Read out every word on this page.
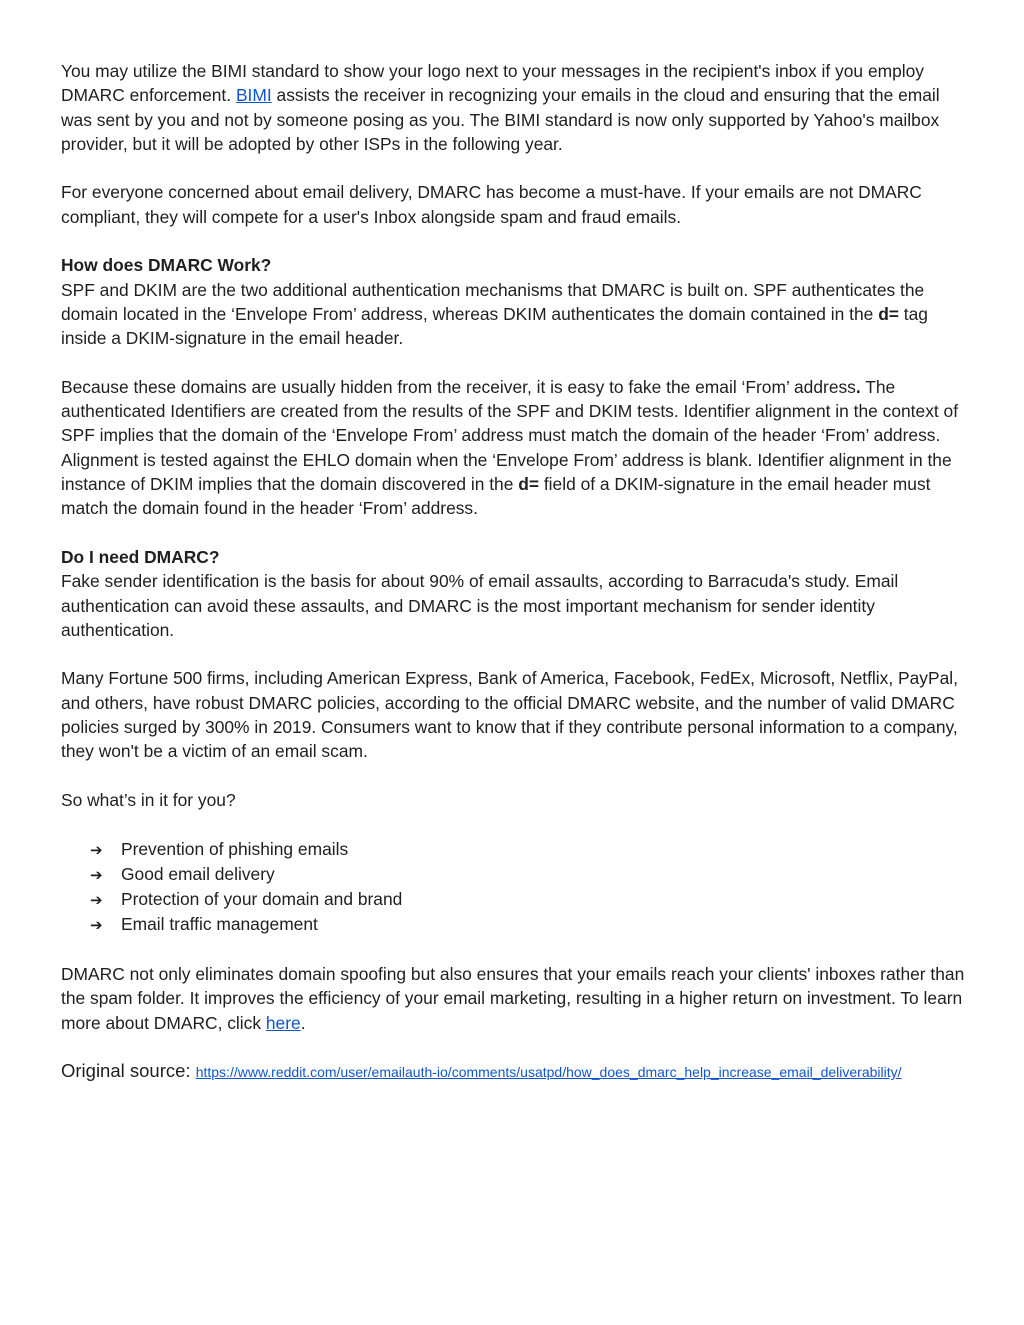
You may utilize the BIMI standard to show your logo next to your messages in the recipient's inbox if you employ DMARC enforcement. BIMI assists the receiver in recognizing your emails in the cloud and ensuring that the email was sent by you and not by someone posing as you. The BIMI standard is now only supported by Yahoo's mailbox provider, but it will be adopted by other ISPs in the following year.

For everyone concerned about email delivery, DMARC has become a must-have. If your emails are not DMARC compliant, they will compete for a user's Inbox alongside spam and fraud emails.

How does DMARC Work?

SPF and DKIM are the two additional authentication mechanisms that DMARC is built on. SPF authenticates the domain located in the ‘Envelope From’ address, whereas DKIM authenticates the domain contained in the d= tag inside a DKIM-signature in the email header.

Because these domains are usually hidden from the receiver, it is easy to fake the email ‘From’ address. The authenticated Identifiers are created from the results of the SPF and DKIM tests. Identifier alignment in the context of SPF implies that the domain of the ‘Envelope From’ address must match the domain of the header ‘From’ address. Alignment is tested against the EHLO domain when the ‘Envelope From’ address is blank. Identifier alignment in the instance of DKIM implies that the domain discovered in the d= field of a DKIM-signature in the email header must match the domain found in the header ‘From’ address.

Do I need DMARC?

Fake sender identification is the basis for about 90% of email assaults, according to Barracuda's study. Email authentication can avoid these assaults, and DMARC is the most important mechanism for sender identity authentication.

Many Fortune 500 firms, including American Express, Bank of America, Facebook, FedEx, Microsoft, Netflix, PayPal, and others, have robust DMARC policies, according to the official DMARC website, and the number of valid DMARC policies surged by 300% in 2019. Consumers want to know that if they contribute personal information to a company, they won't be a victim of an email scam.

So what’s in it for you?

➔	Prevention of phishing emails
➔	Good email delivery
➔	Protection of your domain and brand
➔	Email traffic management

DMARC not only eliminates domain spoofing but also ensures that your emails reach your clients' inboxes rather than the spam folder. It improves the efficiency of your email marketing, resulting in a higher return on investment. To learn more about DMARC, click here.

Original source: https://www.reddit.com/user/emailauth-io/comments/usatpd/how_does_dmarc_help_increase_email_deliverability/
